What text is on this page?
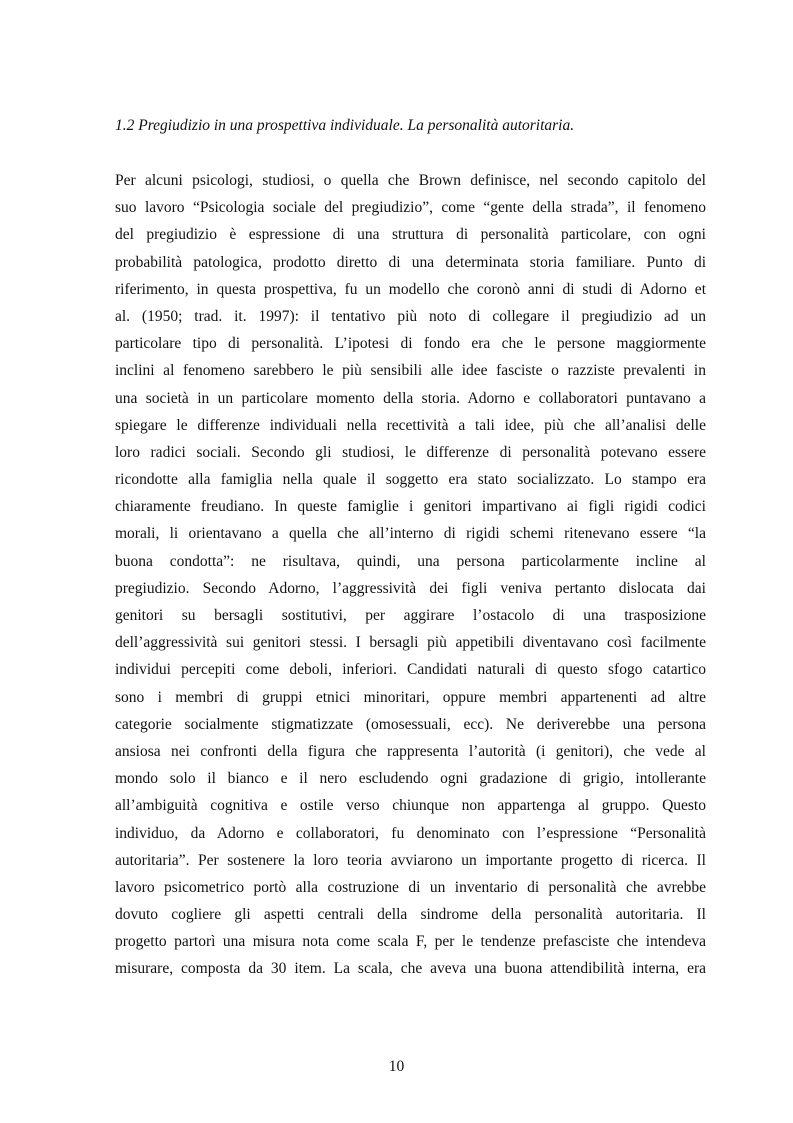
1.2 Pregiudizio in una prospettiva individuale. La personalità autoritaria.

Per alcuni psicologi, studiosi, o quella che Brown definisce, nel secondo capitolo del
suo lavoro “Psicologia sociale del pregiudizio”, come “gente della strada”, il fenomeno
del pregiudizio è espressione di una struttura di personalità particolare, con ogni
probabilità patologica, prodotto diretto di una determinata storia familiare. Punto di
riferimento, in questa prospettiva, fu un modello che coronò anni di studi di Adorno et
al. (1950; trad. it. 1997): il tentativo più noto di collegare il pregiudizio ad un
particolare tipo di personalità. L’ipotesi di fondo era che le persone maggiormente
inclini al fenomeno sarebbero le più sensibili alle idee fasciste o razziste prevalenti in
una società in un particolare momento della storia. Adorno e collaboratori puntavano a
spiegare le differenze individuali nella recettività a tali idee, più che all’analisi delle
loro radici sociali. Secondo gli studiosi, le differenze di personalità potevano essere
ricondotte alla famiglia nella quale il soggetto era stato socializzato. Lo stampo era
chiaramente freudiano. In queste famiglie i genitori impartivano ai figli rigidi codici
morali, li orientavano a quella che all’interno di rigidi schemi ritenevano essere “la
buona condotta”: ne risultava, quindi, una persona particolarmente incline al
pregiudizio. Secondo Adorno, l’aggressività dei figli veniva pertanto dislocata dai
genitori su bersagli sostitutivi, per aggirare l’ostacolo di una trasposizione
dell’aggressività sui genitori stessi. I bersagli più appetibili diventavano così facilmente
individui percepiti come deboli, inferiori. Candidati naturali di questo sfogo catartico
sono i membri di gruppi etnici minoritari, oppure membri appartenenti ad altre
categorie socialmente stigmatizzate (omosessuali, ecc). Ne deriverebbe una persona
ansiosa nei confronti della figura che rappresenta l’autorità (i genitori), che vede al
mondo solo il bianco e il nero escludendo ogni gradazione di grigio, intollerante
all’ambiguità cognitiva e ostile verso chiunque non appartenga al gruppo. Questo
individuo, da Adorno e collaboratori, fu denominato con l’espressione “Personalità
autoritaria”. Per sostenere la loro teoria avviarono un importante progetto di ricerca. Il
lavoro psicometrico portò alla costruzione di un inventario di personalità che avrebbe
dovuto cogliere gli aspetti centrali della sindrome della personalità autoritaria. Il
progetto partorì una misura nota come scala F, per le tendenze prefasciste che intendeva
misurare, composta da 30 item. La scala, che aveva una buona attendibilità interna, era

10
